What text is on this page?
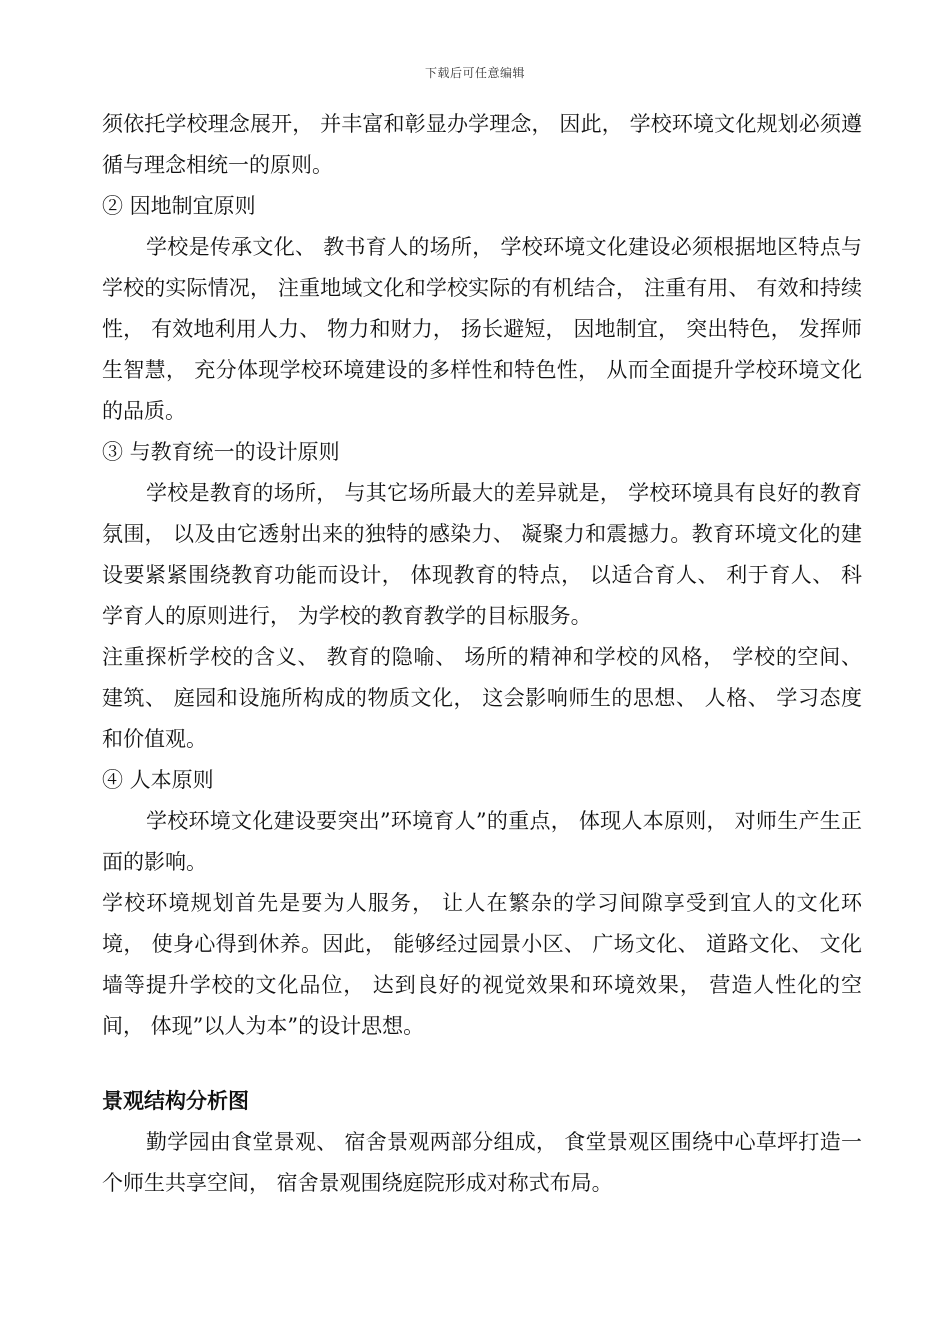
下载后可任意编辑

须依托学校理念展开， 并丰富和彰显办学理念， 因此， 学校环境文化规划必须遵循与理念相统一的原则。

② 因地制宜原则

学校是传承文化、 教书育人的场所， 学校环境文化建设必须根据地区特点与学校的实际情况， 注重地域文化和学校实际的有机结合， 注重有用、 有效和持续性， 有效地利用人力、 物力和财力， 扬长避短， 因地制宜， 突出特色， 发挥师生智慧， 充分体现学校环境建设的多样性和特色性， 从而全面提升学校环境文化的品质。

③ 与教育统一的设计原则

学校是教育的场所， 与其它场所最大的差异就是， 学校环境具有良好的教育氛围， 以及由它透射出来的独特的感染力、 凝聚力和震撼力。教育环境文化的建设要紧紧围绕教育功能而设计， 体现教育的特点， 以适合育人、 利于育人、 科学育人的原则进行， 为学校的教育教学的目标服务。

注重探析学校的含义、 教育的隐喻、 场所的精神和学校的风格， 学校的空间、 建筑、 庭园和设施所构成的物质文化， 这会影响师生的思想、 人格、 学习态度和价值观。

④ 人本原则

学校环境文化建设要突出”环境育人”的重点， 体现人本原则， 对师生产生正面的影响。

学校环境规划首先是要为人服务， 让人在繁杂的学习间隙享受到宜人的文化环境， 使身心得到休养。因此， 能够经过园景小区、 广场文化、 道路文化、 文化墙等提升学校的文化品位， 达到良好的视觉效果和环境效果， 营造人性化的空间， 体现”以人为本”的设计思想。

景观结构分析图

勤学园由食堂景观、 宿舍景观两部分组成， 食堂景观区围绕中心草坪打造一个师生共享空间， 宿舍景观围绕庭院形成对称式布局。
